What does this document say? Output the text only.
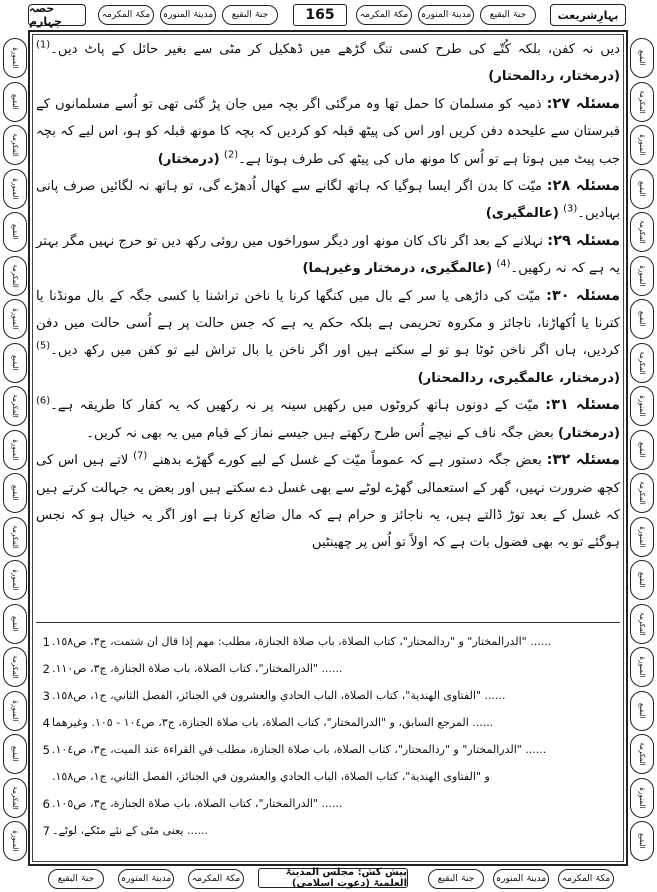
حصہ چہارم
مکۃ المکرمہ	مدینۃ المنورہ	جنۃ البقیع	165	مکۃ المکرمہ	مدینۃ المنورہ	جنۃ البقیع	بہارِشریعت
المنورۃ
البقیع
المکرمۃ
المنورۃ
البقیع
المکرمۃ
المنورۃ
البقیع
المکرمۃ
المنورۃ
البقیع
المکرمۃ
المنورۃ
البقیع
المکرمۃ
المنورۃ
البقیع
المکرمۃ
المنورۃ
البقیع
المکرمۃ
المنورۃ
البقیع
المکرمۃ
المنورۃ
البقیع
المکرمۃ
المنورۃ
البقیع
المکرمۃ
المنورۃ
البقیع
المکرمۃ
المنورۃ
البقیع
المکرمۃ
المنورۃ
البقیع

دیں نہ کفن، بلکہ کُتّے کی طرح کسی تنگ گڑھے میں ڈھکیل کر مٹی سے بغیر حائل کے پاٹ دیں۔$^{(1)}$ (درمختار، ردالمحتار)

مسئلہ ۲۷: ذمیہ کو مسلمان کا حمل تھا وہ مرگئی اگر بچہ میں جان پڑ گئی تھی تو اُسے مسلمانوں کے قبرستان سے علیحدہ دفن کریں اور اس کی پیٹھ قبلہ کو کردیں کہ بچہ کا مونھ قبلہ کو ہو، اس لیے کہ بچہ جب پیٹ میں ہوتا ہے تو اُس کا مونھ ماں کی پیٹھ کی طرف ہوتا ہے۔$^{(2)}$ (درمختار)

مسئلہ ۲۸: میّت کا بدن اگر ایسا ہوگیا کہ ہاتھ لگانے سے کھال اُدھڑے گی، تو ہاتھ نہ لگائیں صرف پانی بہادیں۔$^{(3)}$ (عالمگیری)

مسئلہ ۲۹: نہلانے کے بعد اگر ناک کان مونھ اور دیگر سوراخوں میں روئی رکھ دیں تو حرج نہیں مگر بہتر یہ ہے کہ نہ رکھیں۔$^{(4)}$ (عالمگیری، درمختار وغیرہما)

مسئلہ ۳۰: میّت کی داڑھی یا سر کے بال میں کنگھا کرنا یا ناخن تراشنا یا کسی جگہ کے بال مونڈنا یا کترنا یا اُکھاڑنا، ناجائز و مکروہ تحریمی ہے بلکہ حکم یہ ہے کہ جس حالت پر ہے اُسی حالت میں دفن کردیں، ہاں اگر ناخن ٹوٹا ہو تو لے سکتے ہیں اور اگر ناخن یا بال تراش لیے تو کفن میں رکھ دیں۔$^{(5)}$ (درمختار، عالمگیری، ردالمحتار)

مسئلہ ۳۱: میّت کے دونوں ہاتھ کروٹوں میں رکھیں سینہ پر نہ رکھیں کہ یہ کفار کا طریقہ ہے۔$^{(6)}$ (درمختار) بعض جگہ ناف کے نیچے اُس طرح رکھتے ہیں جیسے نماز کے قیام میں یہ بھی نہ کریں۔

مسئلہ ۳۲: بعض جگہ دستور ہے کہ عموماً میّت کے غسل کے لیے کورے گھڑے بدھنے $^{(7)}$ لاتے ہیں اس کی کچھ ضرورت نہیں، گھر کے استعمالی گھڑے لوٹے سے بھی غسل دے سکتے ہیں اور بعض یہ جہالت کرتے ہیں کہ غسل کے بعد توڑ ڈالتے ہیں، یہ ناجائز و حرام ہے کہ مال ضائع کرنا ہے اور اگر یہ خیال ہو کہ نجس ہوگئے تو یہ بھی فضول بات ہے کہ اولاً تو اُس پر چھینٹیں

1 ...... "الدرالمختار" و "ردالمحتار"، كتاب الصلاة، باب صلاة الجنازة، مطلب: مهم إذا قال ان شتمت، ج٣، ص١٥٨.
2 ...... "الدرالمختار"، كتاب الصلاة، باب صلاة الجنازة، ج٣، ص١١٠.
3 ...... "الفتاوى الهندية"، كتاب الصلاة، الباب الحادي والعشرون في الجنائز، الفصل الثاني، ج١، ص١٥٨.
4 ...... المرجع السابق، و "الدرالمختار"، كتاب الصلاة، باب صلاة الجنازة، ج٣، ص١٠٤ - ١٠٥. وغيرهما
5 ...... "الدرالمختار" و "ردالمحتار"، كتاب الصلاة، باب صلاة الجنازة، مطلب في القراءة عند الميت، ج٣، ص١٠٤.
و "الفتاوى الهندية"، كتاب الصلاة، الباب الحادي والعشرون في الجنائز، الفصل الثاني، ج١، ص١٥٨.
6 ...... "الدرالمختار"، كتاب الصلاة، باب صلاة الجنازة، ج٣، ص١٠٥.
7 ...... یعنی مٹی کے نئے مٹکے، لوٹے۔
جنۃ البقیع	مدینۃ المنورہ	مکۃ المکرمہ
پیش کش: مجلس المدینۃ العلمیۃ (دعوتِ اسلامی)	جنۃ البقیع	مدینۃ المنورہ	مکۃ المکرمہ
